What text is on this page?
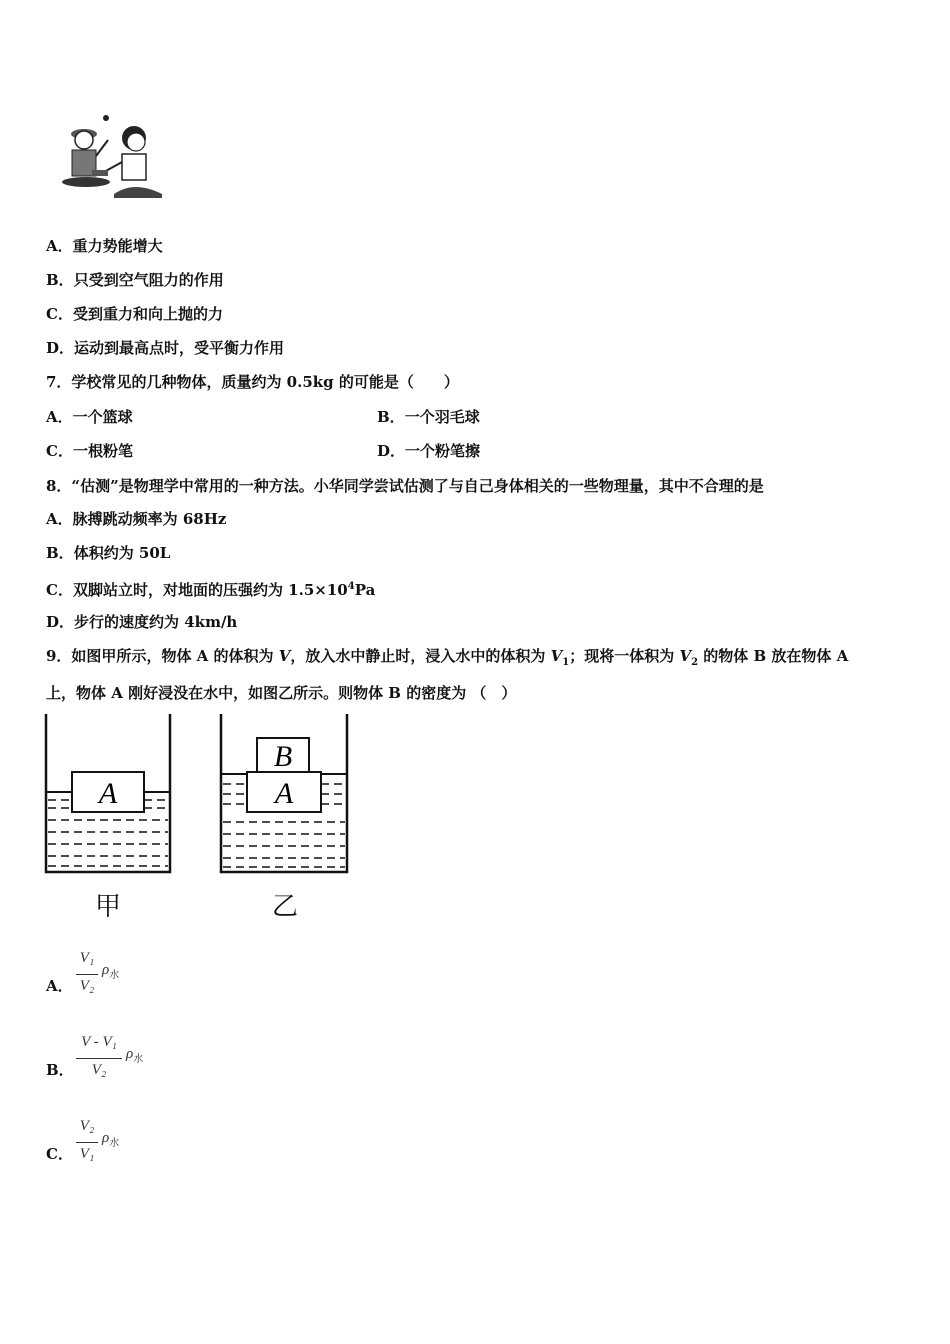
A．重力势能增大
B．只受到空气阻力的作用
C．受到重力和向上抛的力
D．运动到最高点时，受平衡力作用
7．学校常见的几种物体，质量约为 0.5kg 的可能是（　　）
A．一个篮球	B．一个羽毛球
C．一根粉笔	D．一个粉笔擦
8．“估测”是物理学中常用的一种方法。小华同学尝试估测了与自己身体相关的一些物理量，其中不合理的是
A．脉搏跳动频率为 68Hz
B．体积约为 50L
C．双脚站立时，对地面的压强约为 $1.5\times 10^4Pa$
D．步行的速度约为 4km/h
9．如图甲所示，物体 A 的体积为 V，放入水中静止时，浸入水中的体积为 $V_1$；现将一体积为 $V_2$ 的物体 B 放在物体 A
上，物体 A 刚好浸没在水中，如图乙所示。则物体 B 的密度为 （　）
A
甲
A
B
乙
A．
V₁
V₂
$\rho_水$
B．
V - V₁
V₂
$\rho_水$
C．
V₂
V₁
$\rho_水$
